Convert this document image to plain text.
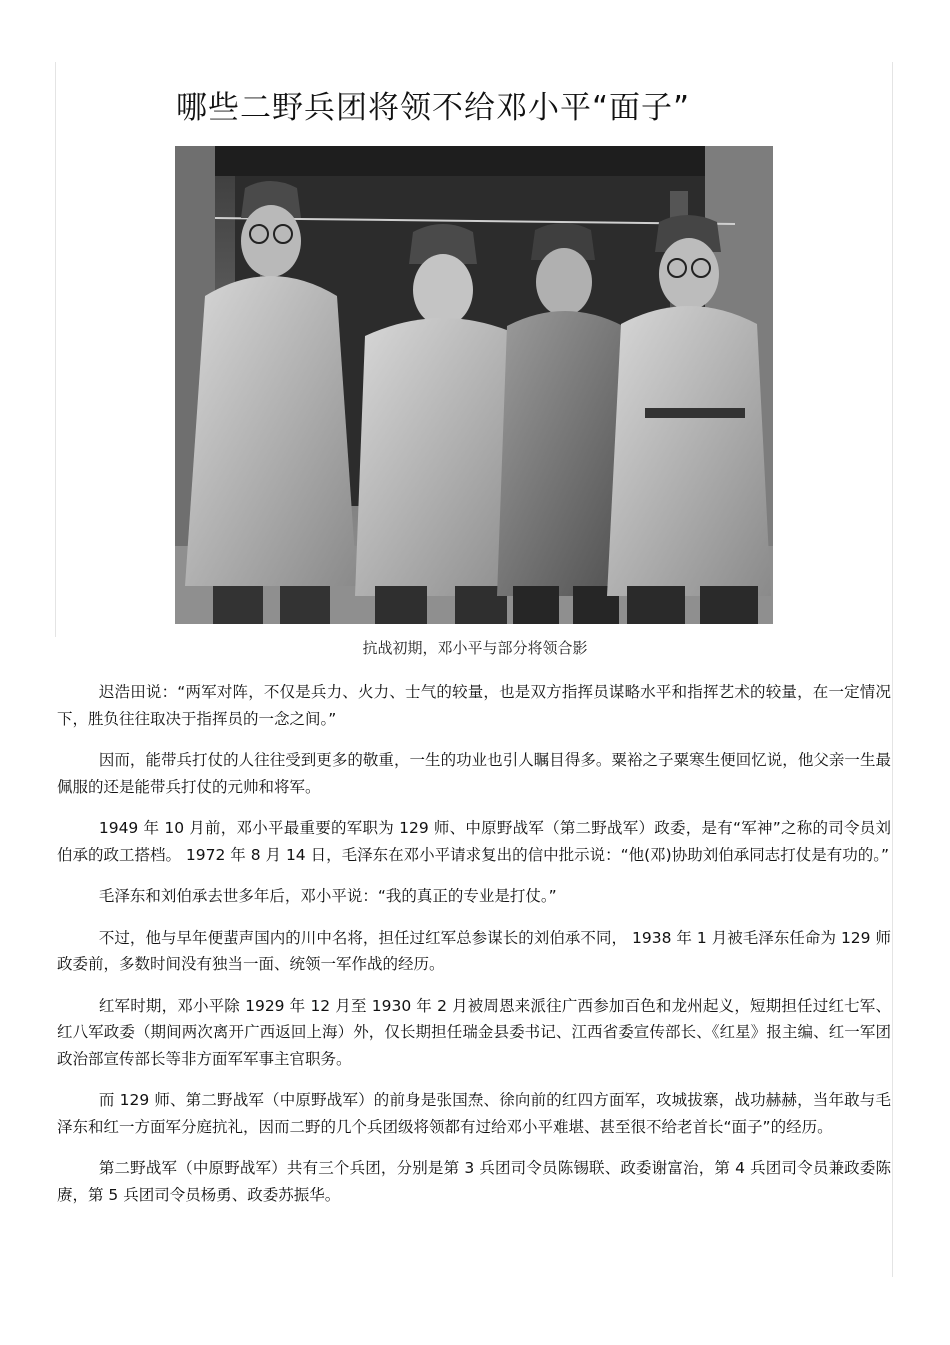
哪些二野兵团将领不给邓小平“面子”
抗战初期，邓小平与部分将领合影

迟浩田说：“两军对阵，不仅是兵力、火力、士气的较量，也是双方指挥员谋略水平和指挥艺术的较量，在一定情况下，胜负往往取决于指挥员的一念之间。”

因而，能带兵打仗的人往往受到更多的敬重，一生的功业也引人瞩目得多。粟裕之子粟寒生便回忆说，他父亲一生最佩服的还是能带兵打仗的元帅和将军。

1949 年 10 月前，邓小平最重要的军职为 129 师、中原野战军（第二野战军）政委，是有“军神”之称的司令员刘伯承的政工搭档。 1972 年 8 月 14 日，毛泽东在邓小平请求复出的信中批示说：“他(邓)协助刘伯承同志打仗是有功的。”

毛泽东和刘伯承去世多年后，邓小平说：“我的真正的专业是打仗。”

不过，他与早年便蜚声国内的川中名将，担任过红军总参谋长的刘伯承不同， 1938 年 1 月被毛泽东任命为 129 师政委前，多数时间没有独当一面、统领一军作战的经历。

红军时期，邓小平除 1929 年 12 月至 1930 年 2 月被周恩来派往广西参加百色和龙州起义，短期担任过红七军、红八军政委（期间两次离开广西返回上海）外，仅长期担任瑞金县委书记、江西省委宣传部长、《红星》报主编、红一军团政治部宣传部长等非方面军军事主官职务。

而 129 师、第二野战军（中原野战军）的前身是张国焘、徐向前的红四方面军，攻城拔寨，战功赫赫，当年敢与毛泽东和红一方面军分庭抗礼，因而二野的几个兵团级将领都有过给邓小平难堪、甚至很不给老首长“面子”的经历。

第二野战军（中原野战军）共有三个兵团，分别是第 3 兵团司令员陈锡联、政委谢富治，第 4 兵团司令员兼政委陈赓，第 5 兵团司令员杨勇、政委苏振华。
